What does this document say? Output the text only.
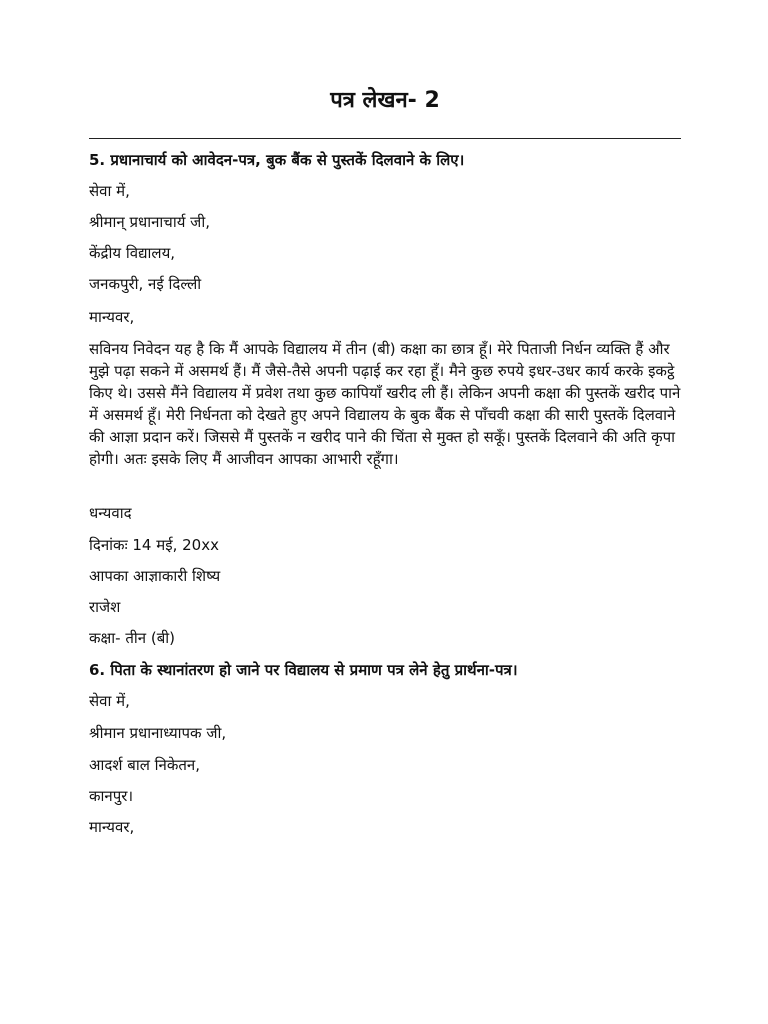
पत्र लेखन- 2

5. प्रधानाचार्य को आवेदन-पत्र, बुक बैंक से पुस्तकें दिलवाने के लिए।

सेवा में,

श्रीमान् प्रधानाचार्य जी,

केंद्रीय विद्यालय,

जनकपुरी, नई दिल्ली

मान्यवर,

सविनय निवेदन यह है कि मैं आपके विद्यालय में तीन (बी) कक्षा का छात्र हूँ। मेरे पिताजी निर्धन व्यक्ति हैं और मुझे पढ़ा सकने में असमर्थ हैं। मैं जैसे-तैसे अपनी पढ़ाई कर रहा हूँ। मैने कुछ रुपये इधर-उधर कार्य करके इकट्ठे किए थे। उससे मैंने विद्यालय में प्रवेश तथा कुछ कापियाँ खरीद ली हैं। लेकिन अपनी कक्षा की पुस्तकें खरीद पाने में असमर्थ हूँ। मेरी निर्धनता को देखते हुए अपने विद्यालय के बुक बैंक से पाँचवी कक्षा की सारी पुस्तकें दिलवाने की आज्ञा प्रदान करें। जिससे मैं पुस्तकें न खरीद पाने की चिंता से मुक्त हो सकूँ। पुस्तकें दिलवाने की अति कृपा होगी। अतः इसके लिए मैं आजीवन आपका आभारी रहूँगा।

धन्यवाद

दिनांकः 14 मई, 20xx

आपका आज्ञाकारी शिष्य

राजेश

कक्षा- तीन (बी)

6. पिता के स्थानांतरण हो जाने पर विद्यालय से प्रमाण पत्र लेने हेतु प्रार्थना-पत्र।

सेवा में,

श्रीमान प्रधानाध्यापक जी,

आदर्श बाल निकेतन,

कानपुर।

मान्यवर,
